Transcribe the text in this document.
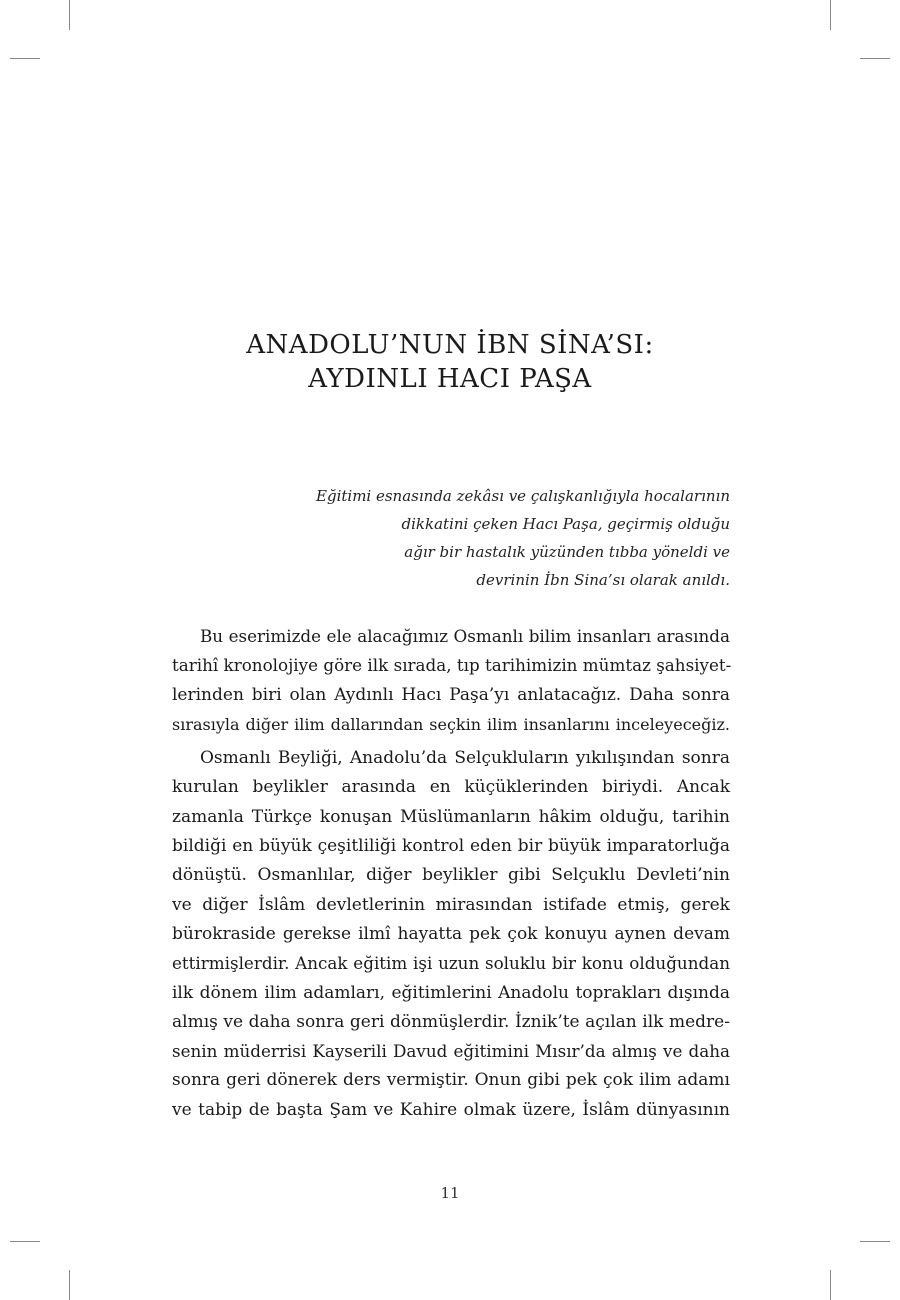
ANADOLU’NUN İBN SİNA’SI:
AYDINLI HACI PAŞA
Eğitimi esnasında zekâsı ve çalışkanlığıyla hocalarının
dikkatini çeken Hacı Paşa, geçirmiş olduğu
ağır bir hastalık yüzünden tıbba yöneldi ve
devrinin İbn Sina’sı olarak anıldı.
Bu eserimizde ele alacağımız Osmanlı bilim insanları arasında
tarihî kronolojiye göre ilk sırada, tıp tarihimizin mümtaz şahsiyet-
lerinden biri olan Aydınlı Hacı Paşa’yı anlatacağız. Daha sonra
sırasıyla diğer ilim dallarından seçkin ilim insanlarını inceleyeceğiz.
Osmanlı Beyliği, Anadolu’da Selçukluların yıkılışından sonra
kurulan beylikler arasında en küçüklerinden biriydi. Ancak
zamanla Türkçe konuşan Müslümanların hâkim olduğu, tarihin
bildiği en büyük çeşitliliği kontrol eden bir büyük imparatorluğa
dönüştü. Osmanlılar, diğer beylikler gibi Selçuklu Devleti’nin
ve diğer İslâm devletlerinin mirasından istifade etmiş, gerek
bürokraside gerekse ilmî hayatta pek çok konuyu aynen devam
ettirmişlerdir. Ancak eğitim işi uzun soluklu bir konu olduğundan
ilk dönem ilim adamları, eğitimlerini Anadolu toprakları dışında
almış ve daha sonra geri dönmüşlerdir. İznik’te açılan ilk medre-
senin müderrisi Kayserili Davud eğitimini Mısır’da almış ve daha
sonra geri dönerek ders vermiştir. Onun gibi pek çok ilim adamı
ve tabip de başta Şam ve Kahire olmak üzere, İslâm dünyasının
11
